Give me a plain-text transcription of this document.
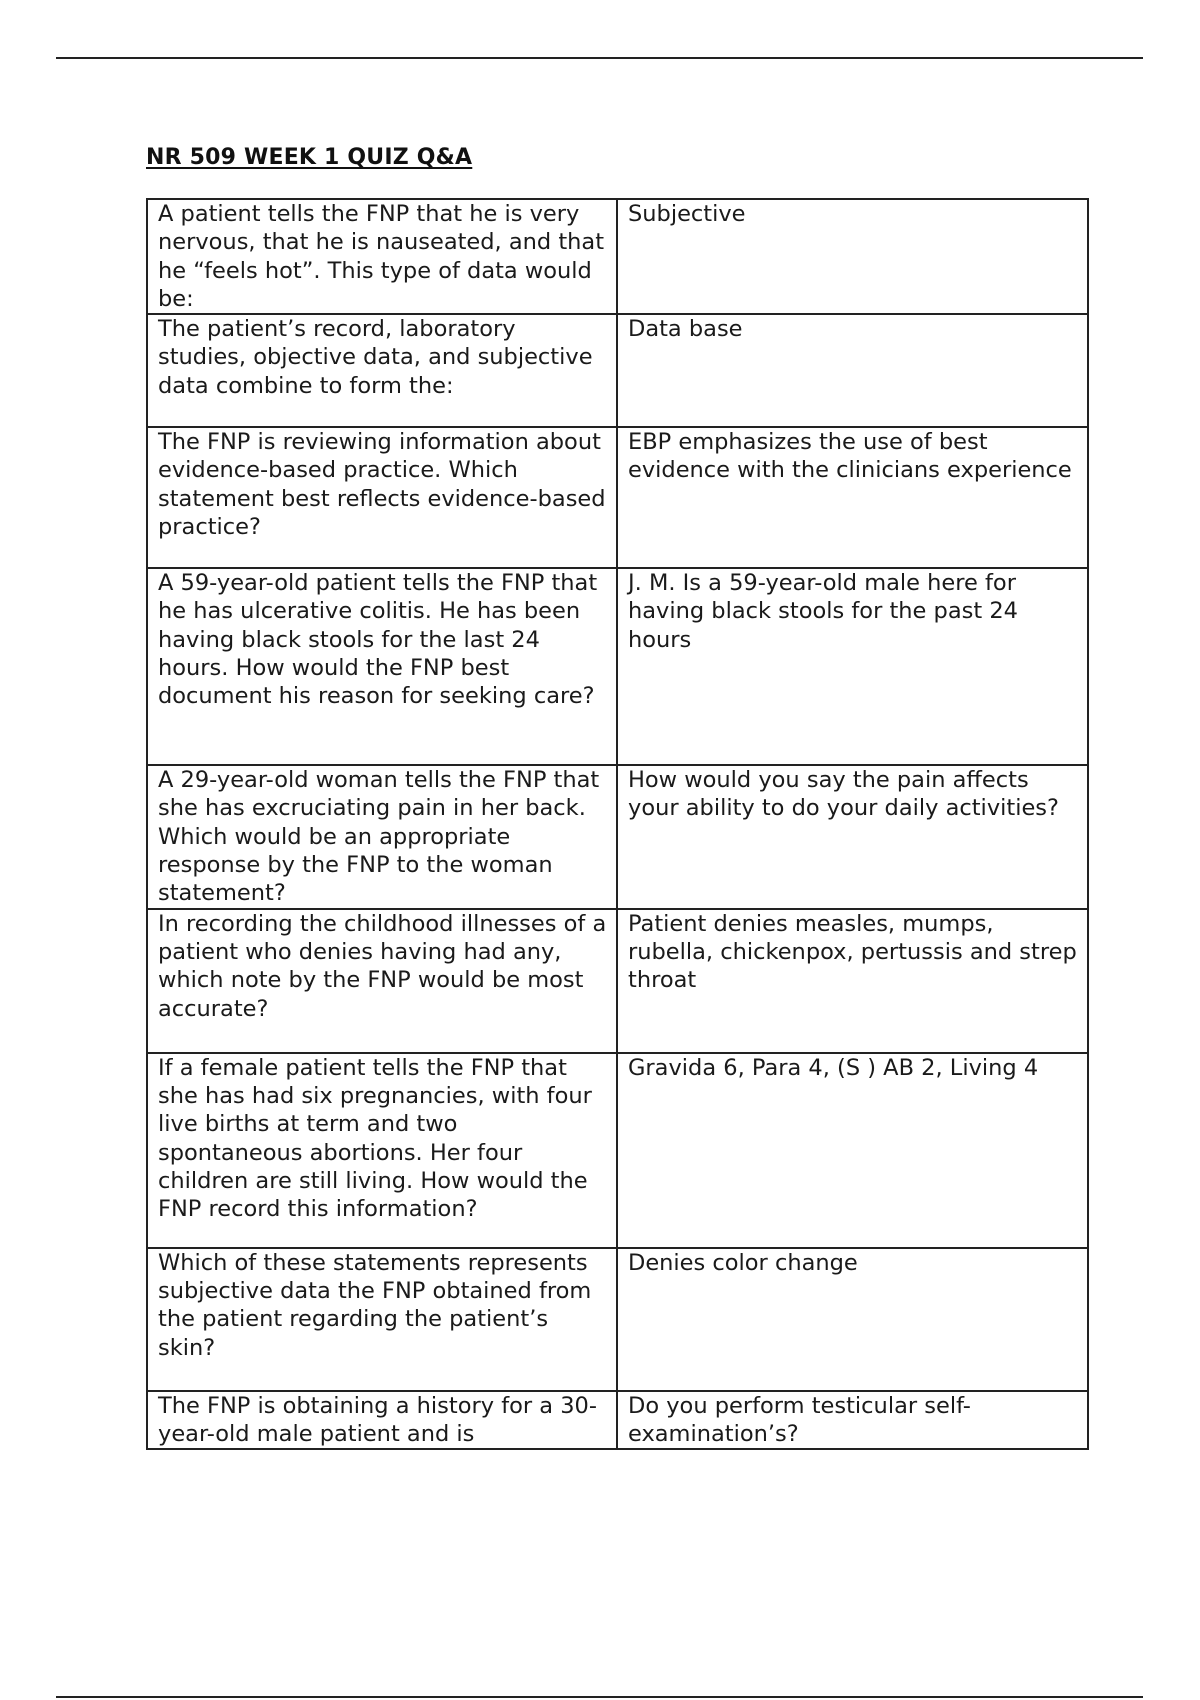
NR 509 WEEK 1 QUIZ Q&A
A patient tells the FNP that he is very nervous, that he is nauseated, and that he “feels hot”. This type of data would be:	Subjective
The patient’s record, laboratory studies, objective data, and subjective data combine to form the:	Data base
The FNP is reviewing information about evidence-based practice. Which statement best reflects evidence-based practice?	EBP emphasizes the use of best evidence with the clinicians experience
A 59-year-old patient tells the FNP that he has ulcerative colitis. He has been having black stools for the last 24 hours. How would the FNP best document his reason for seeking care?	J. M. Is a 59-year-old male here for having black stools for the past 24 hours
A 29-year-old woman tells the FNP that she has excruciating pain in her back. Which would be an appropriate response by the FNP to the woman statement?	How would you say the pain affects your ability to do your daily activities?
In recording the childhood illnesses of a patient who denies having had any, which note by the FNP would be most accurate?	Patient denies measles, mumps, rubella, chickenpox, pertussis and strep throat
If a female patient tells the FNP that she has had six pregnancies, with four live births at term and two spontaneous abortions. Her four children are still living. How would the FNP record this information?	Gravida 6, Para 4, (S ) AB 2, Living 4
Which of these statements represents subjective data the FNP obtained from the patient regarding the patient’s skin?	Denies color change
The FNP is obtaining a history for a 30-year-old male patient and is	Do you perform testicular self-examination’s?
